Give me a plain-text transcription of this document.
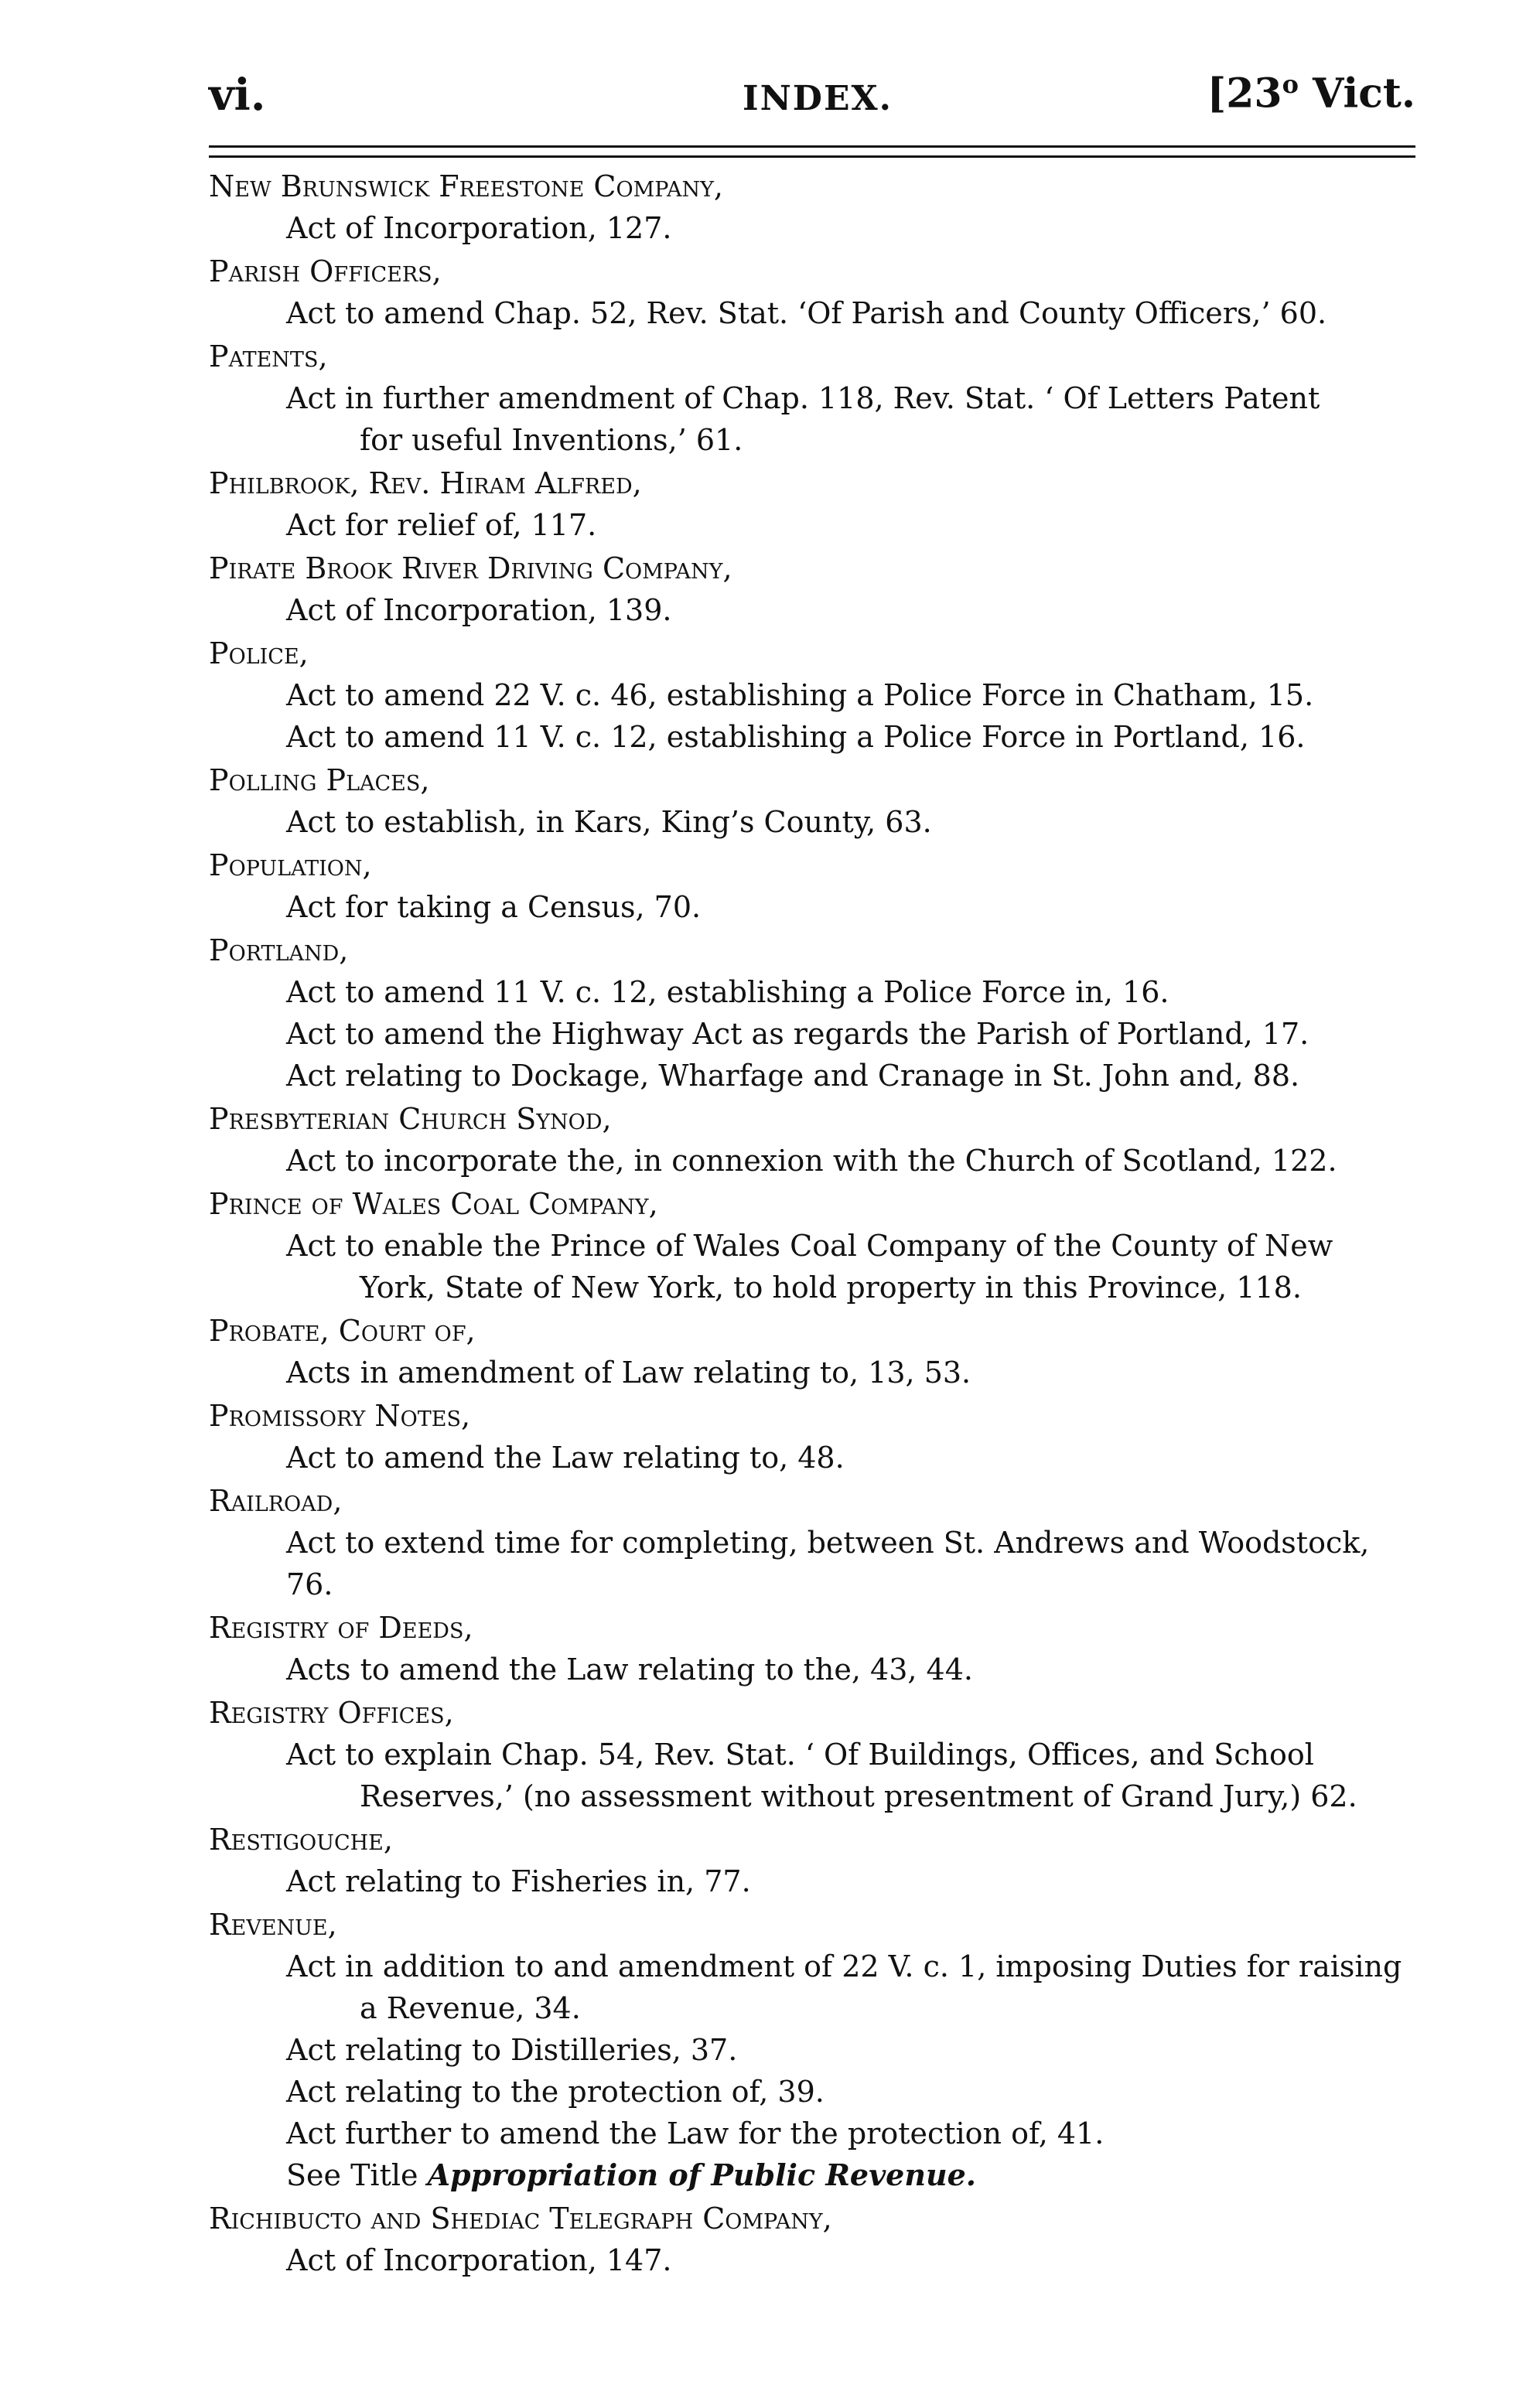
vi.	INDEX.	[23$^o$ Vict.
New Brunswick Freestone Company,
Act of Incorporation, 127.
Parish Officers,
Act to amend Chap. 52, Rev. Stat. ‘Of Parish and County Officers,’ 60.
Patents,
Act in further amendment of Chap. 118, Rev. Stat. ‘ Of Letters Patent
for useful Inventions,’ 61.
Philbrook, Rev. Hiram Alfred,
Act for relief of, 117.
Pirate Brook River Driving Company,
Act of Incorporation, 139.
Police,
Act to amend 22 V. c. 46, establishing a Police Force in Chatham, 15.
Act to amend 11 V. c. 12, establishing a Police Force in Portland, 16.
Polling Places,
Act to establish, in Kars, King’s County, 63.
Population,
Act for taking a Census, 70.
Portland,
Act to amend 11 V. c. 12, establishing a Police Force in, 16.
Act to amend the Highway Act as regards the Parish of Portland, 17.
Act relating to Dockage, Wharfage and Cranage in St. John and, 88.
Presbyterian Church Synod,
Act to incorporate the, in connexion with the Church of Scotland, 122.
Prince of Wales Coal Company,
Act to enable the Prince of Wales Coal Company of the County of New
York, State of New York, to hold property in this Province, 118.
Probate, Court of,
Acts in amendment of Law relating to, 13, 53.
Promissory Notes,
Act to amend the Law relating to, 48.
Railroad,
Act to extend time for completing, between St. Andrews and Woodstock, 76.
Registry of Deeds,
Acts to amend the Law relating to the, 43, 44.
Registry Offices,
Act to explain Chap. 54, Rev. Stat. ‘ Of Buildings, Offices, and School
Reserves,’ (no assessment without presentment of Grand Jury,) 62.
Restigouche,
Act relating to Fisheries in, 77.
Revenue,
Act in addition to and amendment of 22 V. c. 1, imposing Duties for raising
a Revenue, 34.
Act relating to Distilleries, 37.
Act relating to the protection of, 39.
Act further to amend the Law for the protection of, 41.
See Title Appropriation of Public Revenue.
Richibucto and Shediac Telegraph Company,
Act of Incorporation, 147.
